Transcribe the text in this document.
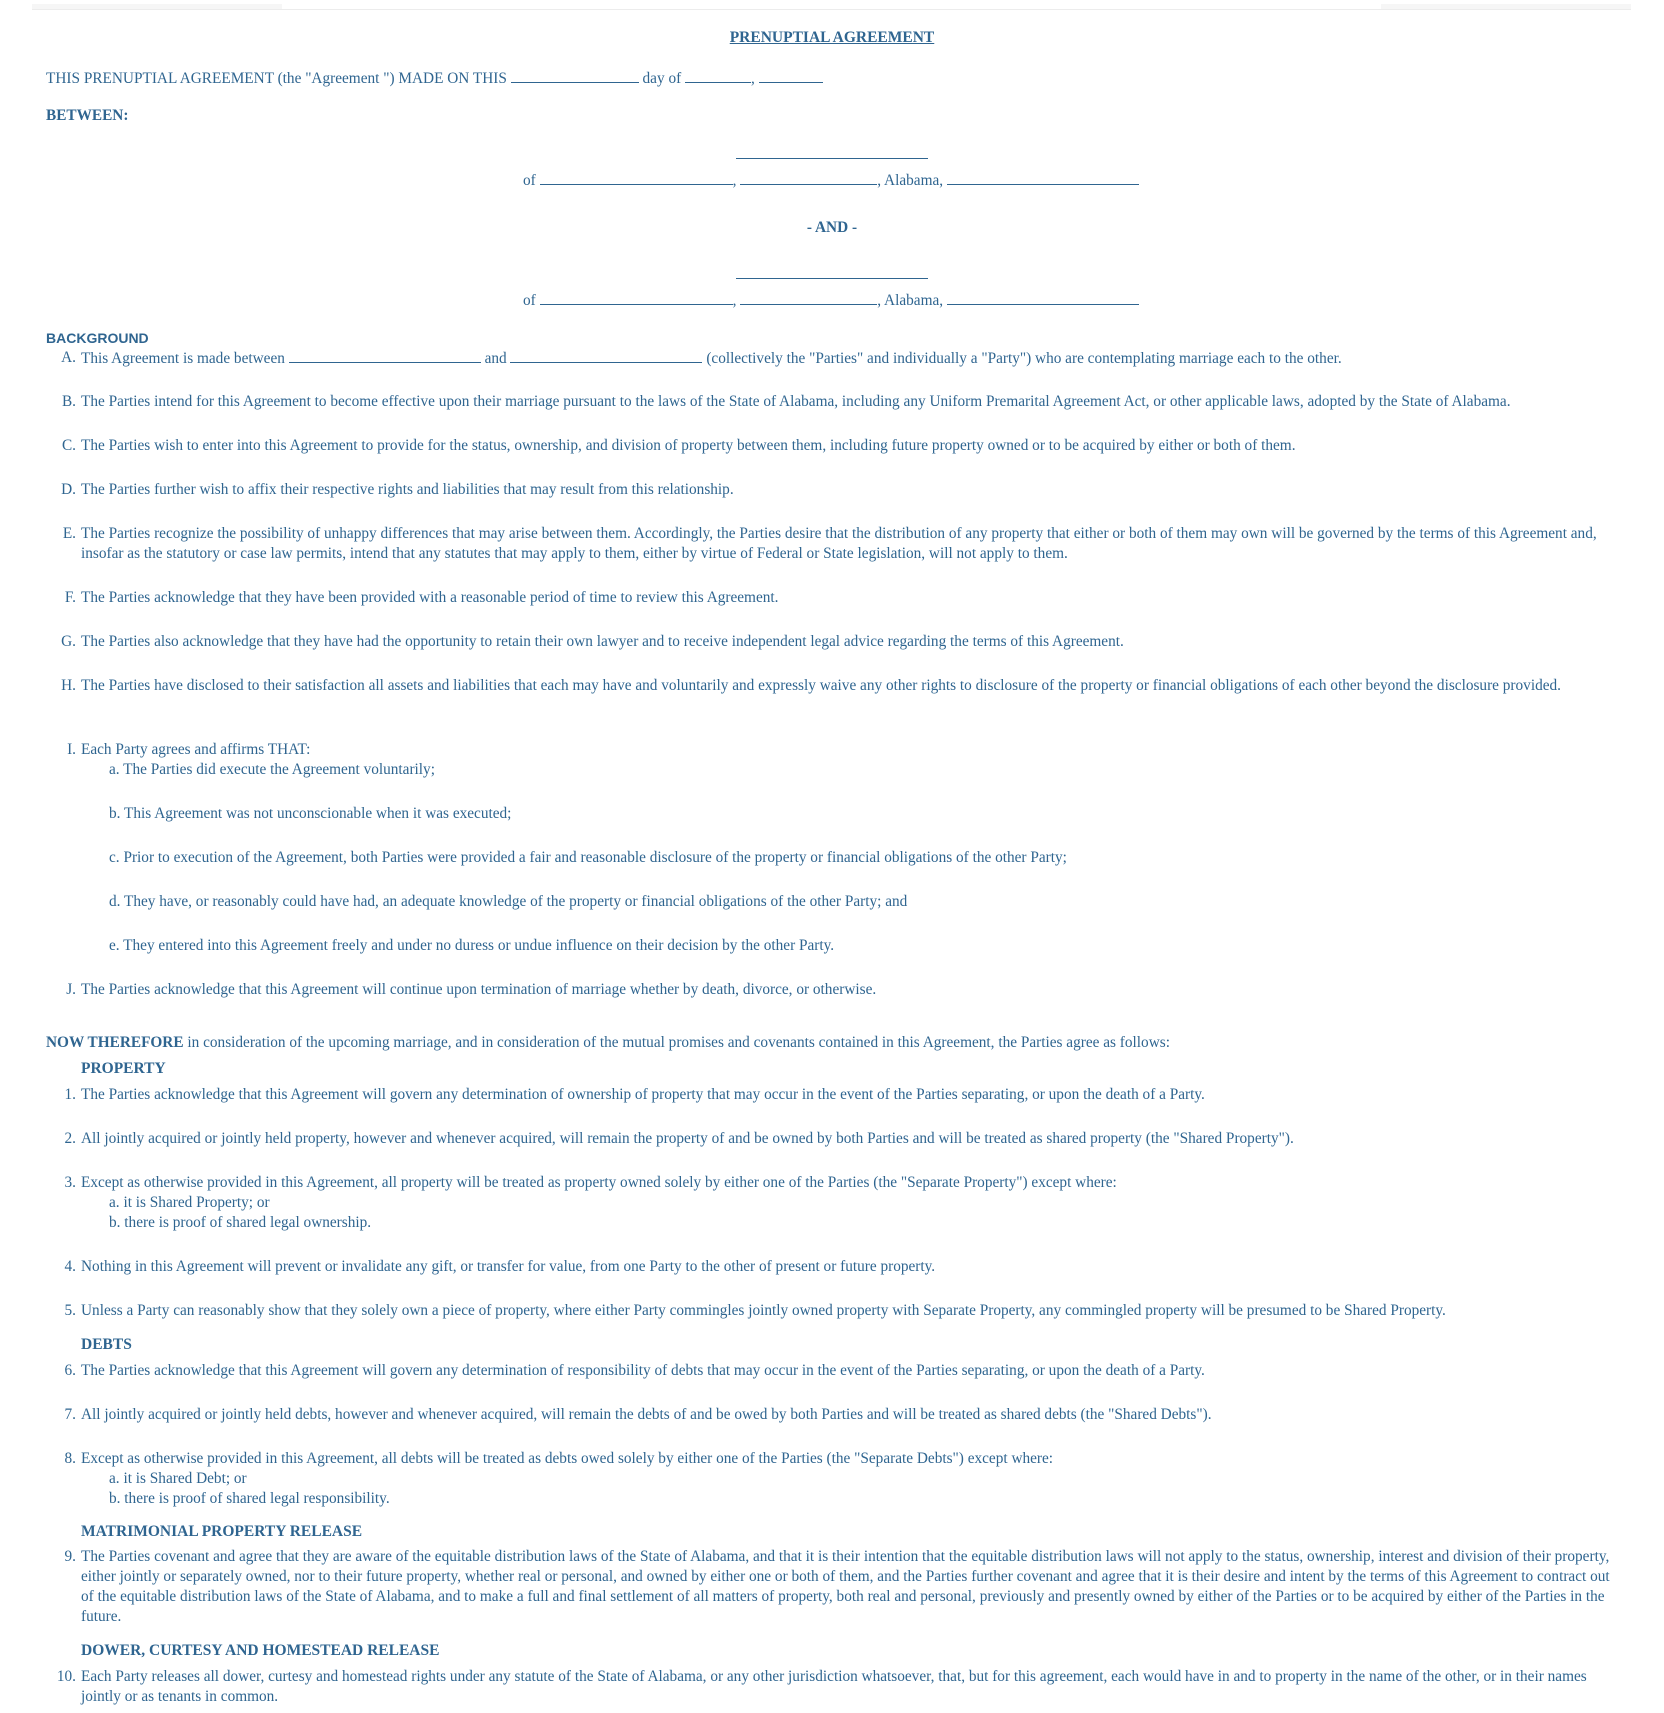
PRENUPTIAL AGREEMENT
THIS PRENUPTIAL AGREEMENT (the "Agreement ") MADE ON THIS	day of	,
BETWEEN:
of	,	, Alabama,
- AND -
of	,	, Alabama,
BACKGROUND
A. This Agreement is made between	and	(collectively the "Parties" and individually a "Party") who are contemplating marriage each to the other.
B. The Parties intend for this Agreement to become effective upon their marriage pursuant to the laws of the State of Alabama, including any Uniform Premarital Agreement Act, or other applicable laws, adopted by the State of Alabama.
C. The Parties wish to enter into this Agreement to provide for the status, ownership, and division of property between them, including future property owned or to be acquired by either or both of them.
D. The Parties further wish to affix their respective rights and liabilities that may result from this relationship.
E. The Parties recognize the possibility of unhappy differences that may arise between them. Accordingly, the Parties desire that the distribution of any property that either or both of them may own will be governed by the terms of this Agreement and, insofar as the statutory or case law permits, intend that any statutes that may apply to them, either by virtue of Federal or State legislation, will not apply to them.
F. The Parties acknowledge that they have been provided with a reasonable period of time to review this Agreement.
G. The Parties also acknowledge that they have had the opportunity to retain their own lawyer and to receive independent legal advice regarding the terms of this Agreement.
H. The Parties have disclosed to their satisfaction all assets and liabilities that each may have and voluntarily and expressly waive any other rights to disclosure of the property or financial obligations of each other beyond the disclosure provided.
I. Each Party agrees and affirms THAT:
a. The Parties did execute the Agreement voluntarily;
b. This Agreement was not unconscionable when it was executed;
c. Prior to execution of the Agreement, both Parties were provided a fair and reasonable disclosure of the property or financial obligations of the other Party;
d. They have, or reasonably could have had, an adequate knowledge of the property or financial obligations of the other Party; and
e. They entered into this Agreement freely and under no duress or undue influence on their decision by the other Party.
J. The Parties acknowledge that this Agreement will continue upon termination of marriage whether by death, divorce, or otherwise.
NOW THEREFORE in consideration of the upcoming marriage, and in consideration of the mutual promises and covenants contained in this Agreement, the Parties agree as follows:
PROPERTY
1. The Parties acknowledge that this Agreement will govern any determination of ownership of property that may occur in the event of the Parties separating, or upon the death of a Party.
2. All jointly acquired or jointly held property, however and whenever acquired, will remain the property of and be owned by both Parties and will be treated as shared property (the "Shared Property").
3. Except as otherwise provided in this Agreement, all property will be treated as property owned solely by either one of the Parties (the "Separate Property") except where:
a. it is Shared Property; or
b. there is proof of shared legal ownership.
4. Nothing in this Agreement will prevent or invalidate any gift, or transfer for value, from one Party to the other of present or future property.
5. Unless a Party can reasonably show that they solely own a piece of property, where either Party commingles jointly owned property with Separate Property, any commingled property will be presumed to be Shared Property.
DEBTS
6. The Parties acknowledge that this Agreement will govern any determination of responsibility of debts that may occur in the event of the Parties separating, or upon the death of a Party.
7. All jointly acquired or jointly held debts, however and whenever acquired, will remain the debts of and be owed by both Parties and will be treated as shared debts (the "Shared Debts").
8. Except as otherwise provided in this Agreement, all debts will be treated as debts owed solely by either one of the Parties (the "Separate Debts") except where:
a. it is Shared Debt; or
b. there is proof of shared legal responsibility.
MATRIMONIAL PROPERTY RELEASE
9. The Parties covenant and agree that they are aware of the equitable distribution laws of the State of Alabama, and that it is their intention that the equitable distribution laws will not apply to the status, ownership, interest and division of their property, either jointly or separately owned, nor to their future property, whether real or personal, and owned by either one or both of them, and the Parties further covenant and agree that it is their desire and intent by the terms of this Agreement to contract out of the equitable distribution laws of the State of Alabama, and to make a full and final settlement of all matters of property, both real and personal, previously and presently owned by either of the Parties or to be acquired by either of the Parties in the future.
DOWER, CURTESY AND HOMESTEAD RELEASE
10. Each Party releases all dower, curtesy and homestead rights under any statute of the State of Alabama, or any other jurisdiction whatsoever, that, but for this agreement, each would have in and to property in the name of the other, or in their names jointly or as tenants in common.
